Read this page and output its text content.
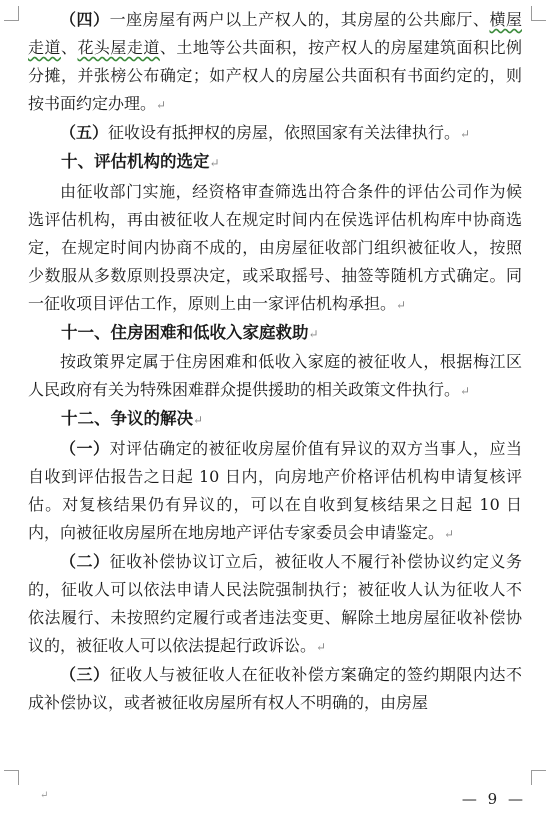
（四）一座房屋有两户以上产权人的，其房屋的公共廊厅、横屋走道、花头屋走道、土地等公共面积，按产权人的房屋建筑面积比例分摊，并张榜公布确定；如产权人的房屋公共面积有书面约定的，则按书面约定办理。↵

（五）征收设有抵押权的房屋，依照国家有关法律执行。↵

十、评估机构的选定↵

由征收部门实施，经资格审查筛选出符合条件的评估公司作为候选评估机构，再由被征收人在规定时间内在侯选评估机构库中协商选定，在规定时间内协商不成的，由房屋征收部门组织被征收人，按照少数服从多数原则投票决定，或采取摇号、抽签等随机方式确定。同一征收项目评估工作，原则上由一家评估机构承担。↵

十一、住房困难和低收入家庭救助↵

按政策界定属于住房困难和低收入家庭的被征收人，根据梅江区人民政府有关为特殊困难群众提供援助的相关政策文件执行。↵

十二、争议的解决↵

（一）对评估确定的被征收房屋价值有异议的双方当事人，应当自收到评估报告之日起 10 日内，向房地产价格评估机构申请复核评估。对复核结果仍有异议的，可以在自收到复核结果之日起 10 日内，向被征收房屋所在地房地产评估专家委员会申请鉴定。↵

（二）征收补偿协议订立后，被征收人不履行补偿协议约定义务的，征收人可以依法申请人民法院强制执行；被征收人认为征收人不依法履行、未按照约定履行或者违法变更、解除土地房屋征收补偿协议的，被征收人可以依法提起行政诉讼。↵

（三）征收人与被征收人在征收补偿方案确定的签约期限内达不成补偿协议，或者被征收房屋所有权人不明确的，由房屋

↵	— 9 —
